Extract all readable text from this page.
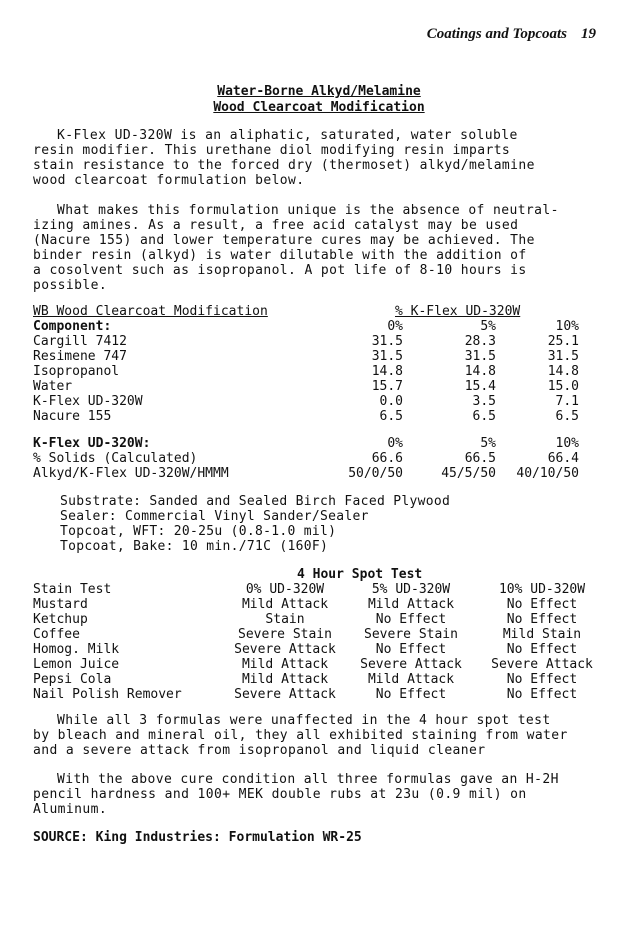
Coatings and Topcoats 19
Water-Borne Alkyd/Melamine
Wood Clearcoat Modification
K-Flex UD-320W is an aliphatic, saturated, water soluble
resin modifier. This urethane diol modifying resin imparts
stain resistance to the forced dry (thermoset) alkyd/melamine
wood clearcoat formulation below.
What makes this formulation unique is the absence of neutral-
izing amines. As a result, a free acid catalyst may be used
(Nacure 155) and lower temperature cures may be achieved. The
binder resin (alkyd) is water dilutable with the addition of
a cosolvent such as isopropanol. A pot life of 8-10 hours is
possible.
WB Wood Clearcoat Modification	% K-Flex UD-320W
Component:	0%	5%	10%
Cargill 7412	31.5	28.3	25.1
Resimene 747	31.5	31.5	31.5
Isopropanol	14.8	14.8	14.8
Water	15.7	15.4	15.0
K-Flex UD-320W	0.0	3.5	7.1
Nacure 155	6.5	6.5	6.5
K-Flex UD-320W:	0%	5%	10%
% Solids (Calculated)	66.6	66.5	66.4
Alkyd/K-Flex UD-320W/HMMM	50/0/50	45/5/50 40/10/50
Substrate: Sanded and Sealed Birch Faced Plywood
Sealer: Commercial Vinyl Sander/Sealer
Topcoat, WFT: 20-25u (0.8-1.0 mil)
Topcoat, Bake: 10 min./71C (160F)
4 Hour Spot Test
Stain Test	0% UD-320W	5% UD-320W	10% UD-320W
Mustard	Mild Attack	Mild Attack	No Effect
Ketchup	Stain	No Effect	No Effect
Coffee	Severe Stain	Severe Stain	Mild Stain
Homog. Milk	Severe Attack	No Effect	No Effect
Lemon Juice	Mild Attack	Severe Attack	Severe Attack
Pepsi Cola	Mild Attack	Mild Attack	No Effect
Nail Polish Remover	Severe Attack	No Effect	No Effect
While all 3 formulas were unaffected in the 4 hour spot test
by bleach and mineral oil, they all exhibited staining from water
and a severe attack from isopropanol and liquid cleaner
With the above cure condition all three formulas gave an H-2H
pencil hardness and 100+ MEK double rubs at 23u (0.9 mil) on
Aluminum.
SOURCE: King Industries: Formulation WR-25
